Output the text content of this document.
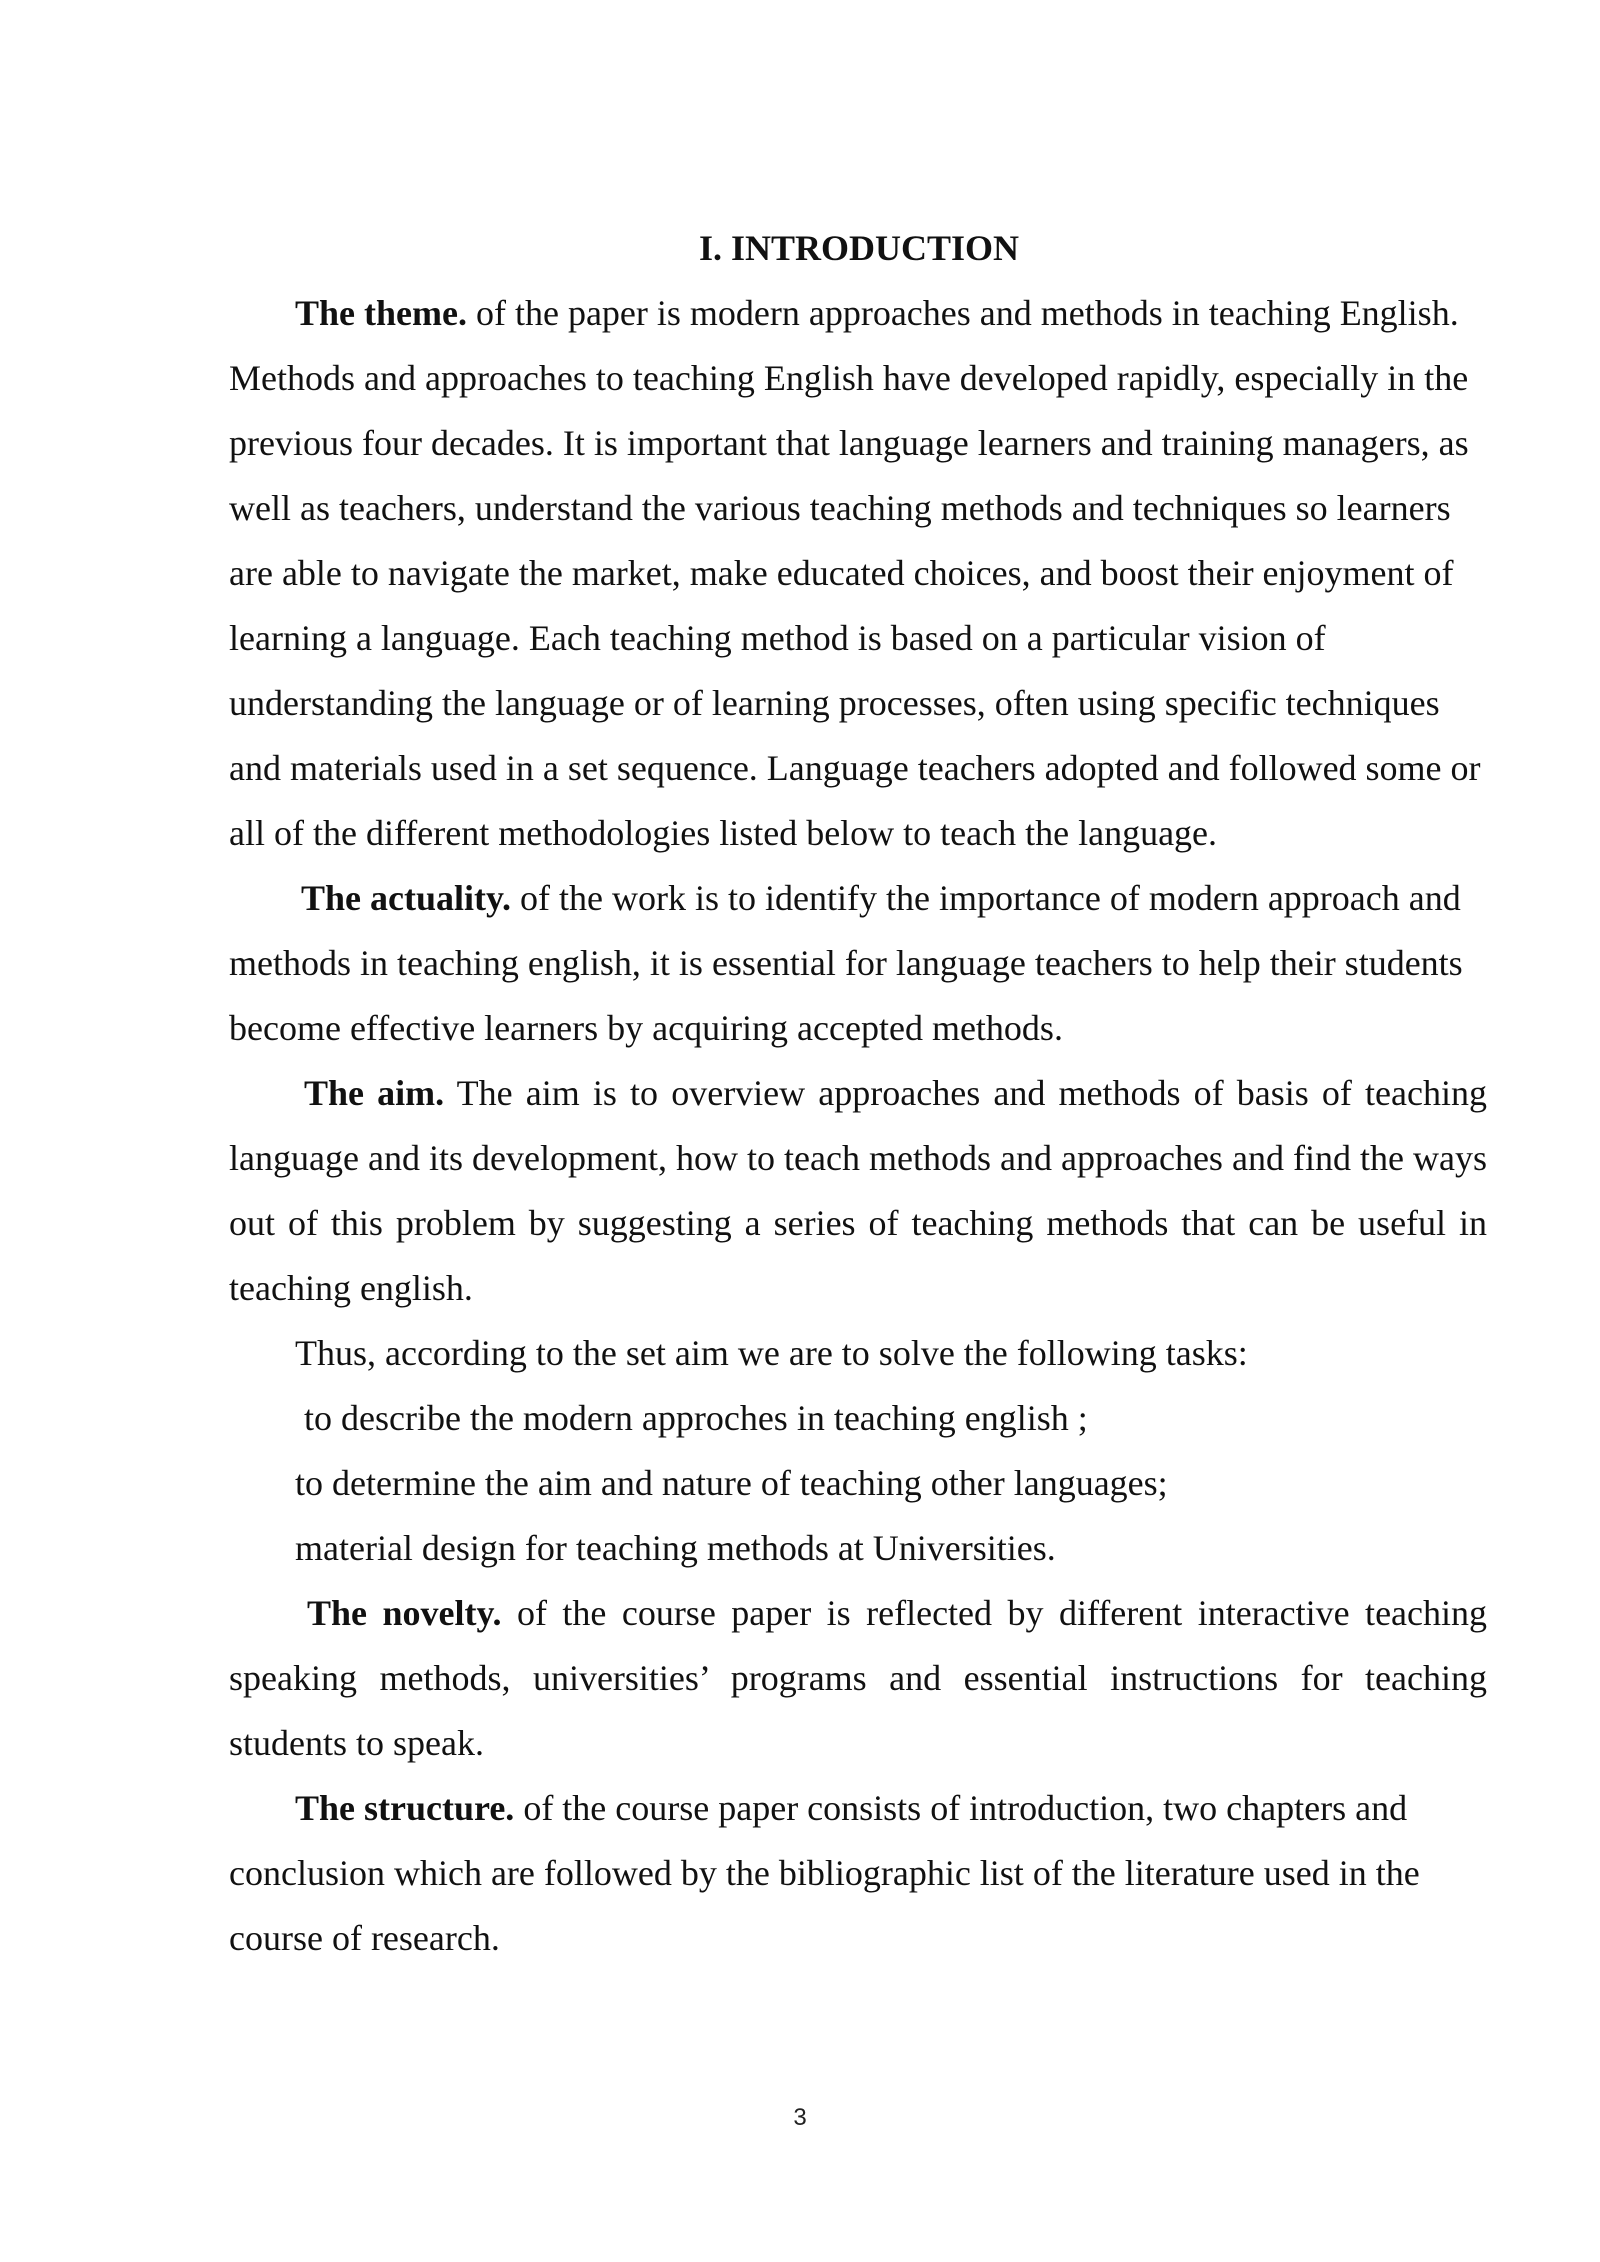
I. INTRODUCTION

The theme. of the paper is modern approaches and methods in teaching English. Methods and approaches to teaching English have developed rapidly, especially in the previous four decades. It is important that language learners and training managers, as well as teachers, understand the various teaching methods and techniques so learners are able to navigate the market, make educated choices, and boost their enjoyment of learning a language. Each teaching method is based on a particular vision of understanding the language or of learning processes, often using specific techniques and materials used in a set sequence. Language teachers adopted and followed some or all of the different methodologies listed below to teach the language.

The actuality. of the work is to identify the importance of modern approach and methods in teaching english, it is essential for language teachers to help their students become effective learners by acquiring accepted methods.

The aim. The aim is to overview approaches and methods of basis of teaching language and its development, how to teach methods and approaches and find the ways out of this problem by suggesting a series of teaching methods that can be useful in teaching english.

Thus, according to the set aim we are to solve the following tasks:

to describe the modern approches in teaching english ;

to determine the aim and nature of teaching other languages;

material design for teaching methods at Universities.

The novelty. of the course paper is reflected by different interactive teaching speaking methods, universities’ programs and essential instructions for teaching students to speak.

The structure. of the course paper consists of introduction, two chapters and conclusion which are followed by the bibliographic list of the literature used in the course of research.

3
